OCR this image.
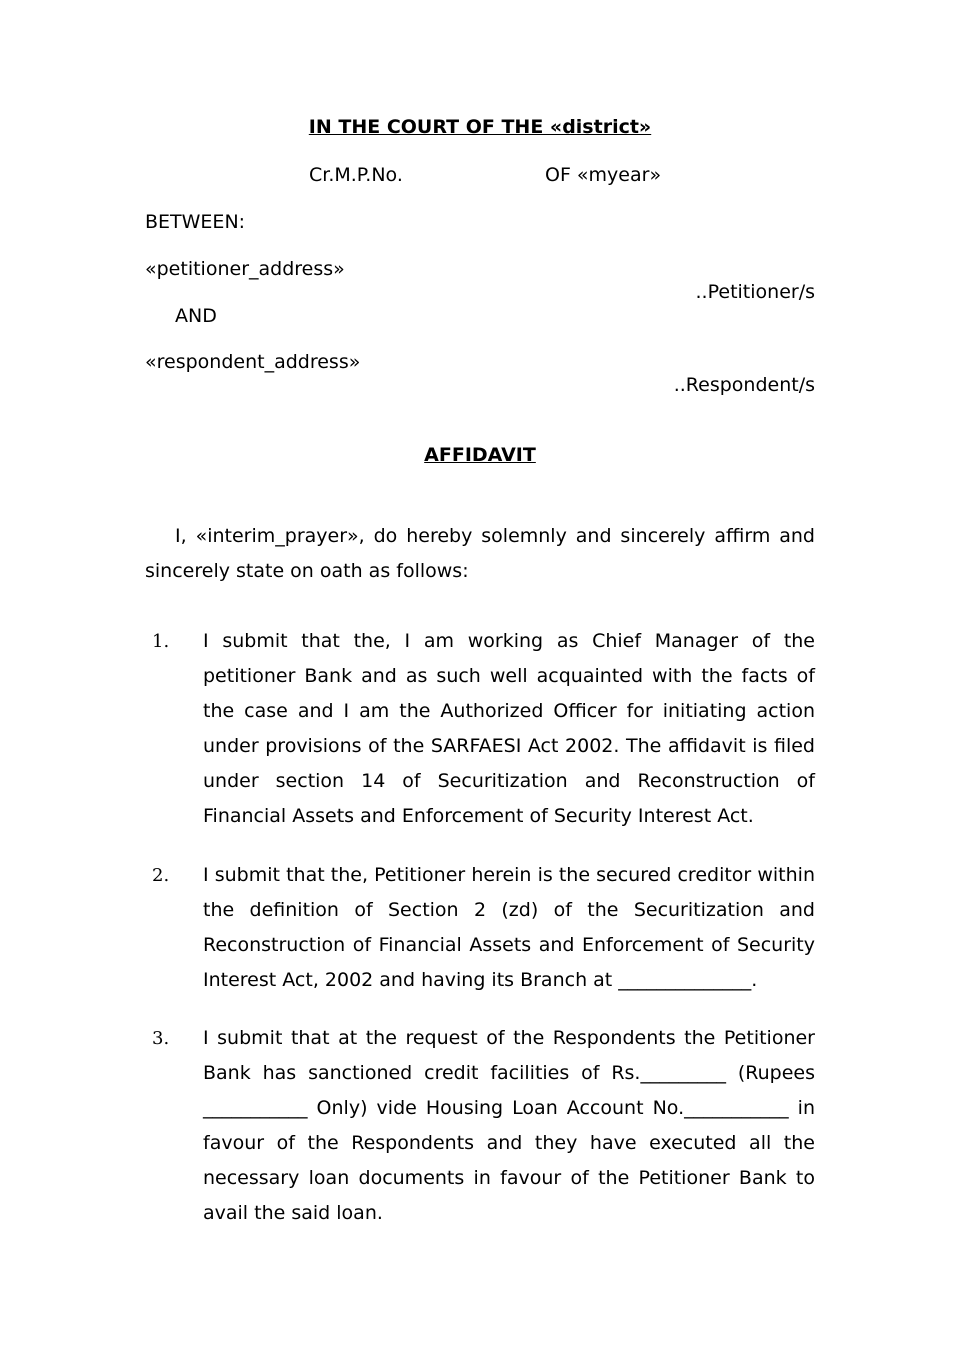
IN THE COURT OF THE «district»
Cr.M.P.No.	OF «myear»
BETWEEN:
«petitioner_address»
..Petitioner/s
AND
«respondent_address»
..Respondent/s
AFFIDAVIT
I, «interim_prayer», do hereby solemnly and sincerely affirm and sincerely state on oath as follows:
1. I submit that the, I am working as Chief Manager of the petitioner Bank and as such well acquainted with the facts of the case and I am the Authorized Officer for initiating action under provisions of the SARFAESI Act 2002. The affidavit is filed under section 14 of Securitization and Reconstruction of Financial Assets and Enforcement of Security Interest Act.
2. I submit that the, Petitioner herein is the secured creditor within the definition of Section 2 (zd) of the Securitization and Reconstruction of Financial Assets and Enforcement of Security Interest Act, 2002 and having its Branch at ______________.
3. I submit that at the request of the Respondents the Petitioner Bank has sanctioned credit facilities of Rs._________ (Rupees ___________ Only) vide Housing Loan Account No.___________ in favour of the Respondents and they have executed all the necessary loan documents in favour of the Petitioner Bank to avail the said loan.
